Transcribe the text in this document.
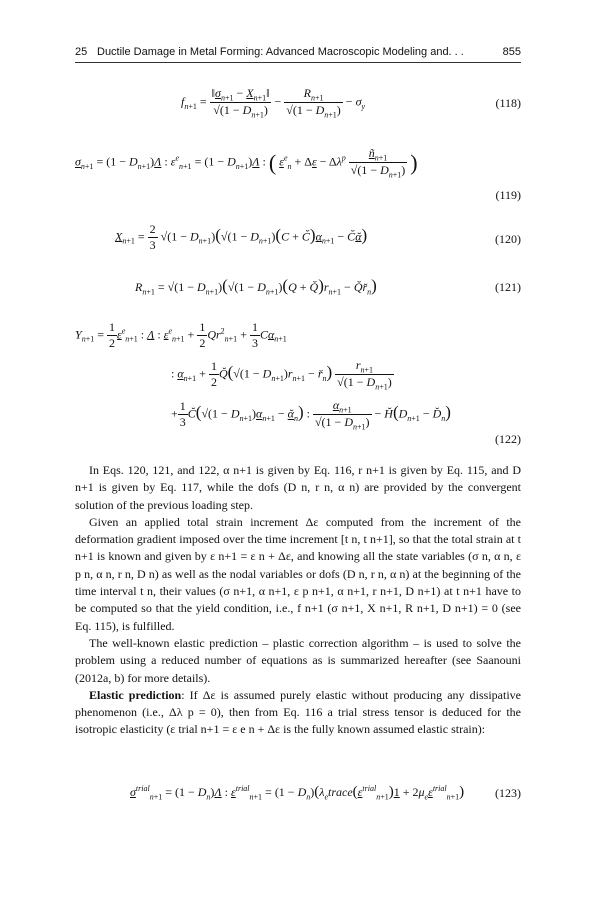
25 Ductile Damage in Metal Forming: Advanced Macroscopic Modeling and. . .	855
$f_{n+1} = \frac{‖\sigma_{n+1} - X_{n+1}‖}{√(1 - D_{n+1})} - \frac{R_{n+1}}{√(1 - D_{n+1})} - \sigma_y$	(118)
$\sigma_{n+1} = (1 - D_{n+1})\Lambda$ : $\varepsilon^e_{n+1} = (1 - D_{n+1})\Lambda$ : ( $\varepsilon^e_n + \Delta\varepsilon - \Delta\lambda^p \frac{ñ_{n+1}}{√(1 - D_{n+1})}$ )
(119)
$X_{n+1} = \frac{2}{3} √(1 - D_{n+1})(√(1 - D_{n+1})(C$ + $C̆)\alpha_{n+1}$ − C̆ᾰ)	(120)
$R_{n+1} = √(1 - D_{n+1})(√(1 - D_{n+1})(Q$ + $Q̆)r_{n+1}$ − $Q̆r̆_n$)	(121)
$Y_{n+1} = \frac{1}{2} \varepsilon^e_{n+1}$ : Λ : $\varepsilon^e_{n+1} + \frac{1}{2} Qr^2_{n+1} + \frac{1}{3} C\alpha_{n+1}$
: $\alpha_{n+1} + \frac{1}{2}$ Q̆(√(1 − $D_{n+1})r_{n+1}$ − $r̆_n) \frac{r_{n+1}}{√(1 - D_{n+1})}$
+ $\frac{1}{3}$ C̆(√(1 − $D_{n+1})\alpha_{n+1}$ − ᾰ$_n$) : $\frac{\alpha_{n+1}}{√(1 - D_{n+1})}$ − $H̆(D_{n+1}$ − $D̆_n$)
(122)

In Eqs. 120, 121, and 122, α n+1 is given by Eq. 116, r n+1 is given by Eq. 115, and D n+1 is given by Eq. 117, while the dofs (D n, r n, α n) are provided by the convergent solution of the previous loading step.

Given an applied total strain increment Δε computed from the increment of the deformation gradient imposed over the time increment [t n, t n+1], so that the total strain at t n+1 is known and given by ε n+1 = ε n + Δε, and knowing all the state variables (σ n, α n, ε p n, α n, r n, D n) as well as the nodal variables or dofs (D n, r n, α n) at the beginning of the time interval t n, their values (σ n+1, α n+1, ε p n+1, α n+1, r n+1, D n+1) at t n+1 have to be computed so that the yield condition, i.e., f n+1 (σ n+1, X n+1, R n+1, D n+1) = 0 (see Eq. 115), is fulfilled.

The well-known elastic prediction – plastic correction algorithm – is used to solve the problem using a reduced number of equations as is summarized hereafter (see Saanouni (2012a, b) for more details).

Elastic prediction: If Δε is assumed purely elastic without producing any dissipative phenomenon (i.e., Δλ p = 0), then from Eq. 116 a trial stress tensor is deduced for the isotropic elasticity (ε trial n+1 = ε e n + Δε is the fully known assumed elastic strain):

$\sigma^{trial}_{n+1} = (1 - D_n)\Lambda$ : $\varepsilon^{trial}_{n+1} = (1$ − $D_n)(\lambda_etrace(\varepsilon^{trial}_{n+1})1 + 2\mu_e\varepsilon^{trial}_{n+1})$	(123)
